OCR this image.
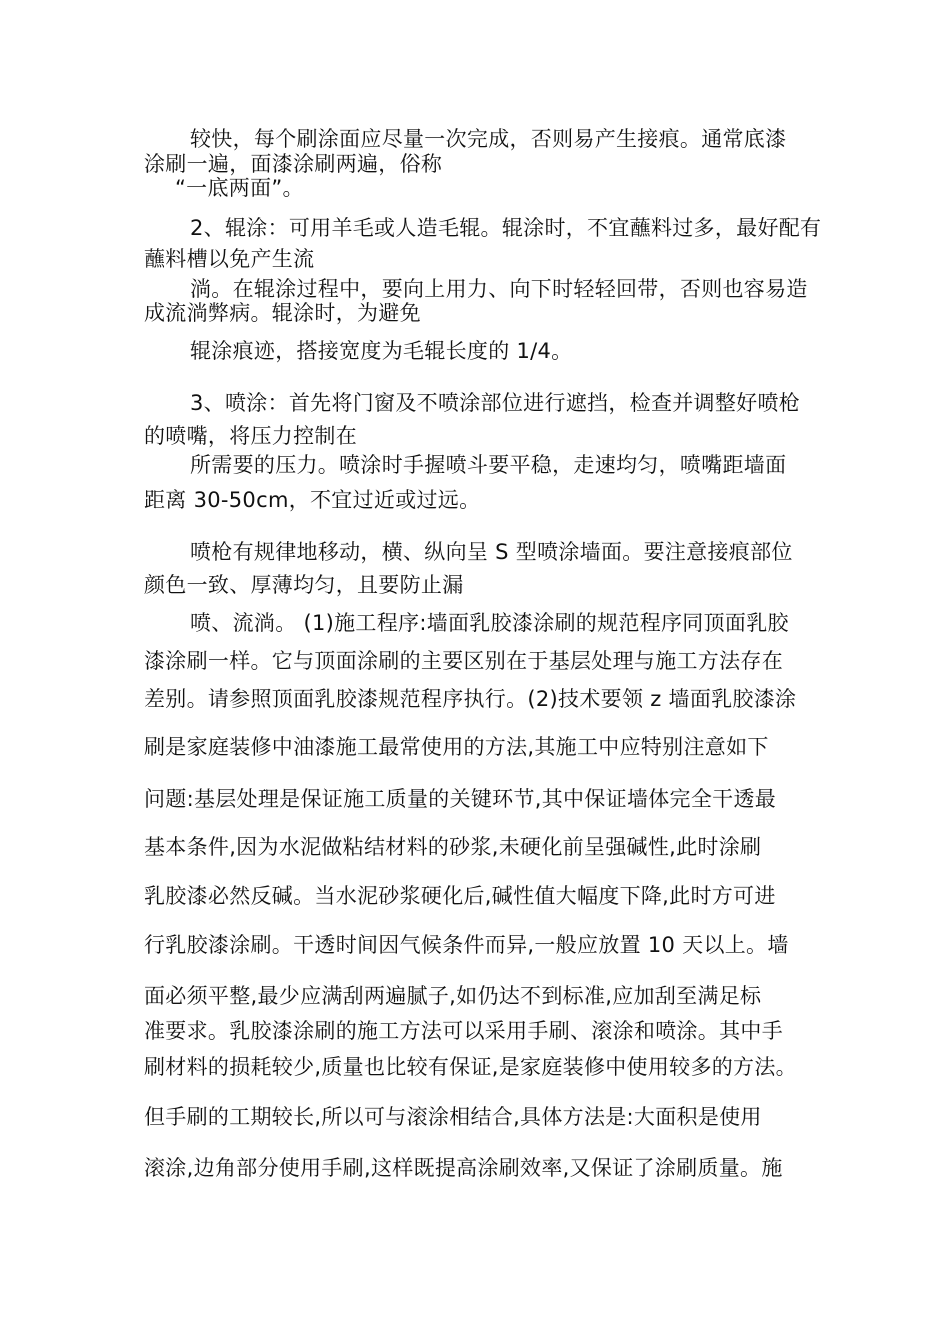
较快，每个刷涂面应尽量一次完成，否则易产生接痕。通常底漆
涂刷一遍，面漆涂刷两遍，俗称
“一底两面”。
2、辊涂：可用羊毛或人造毛辊。辊涂时，不宜蘸料过多，最好配有
蘸料槽以免产生流
淌。在辊涂过程中，要向上用力、向下时轻轻回带，否则也容易造
成流淌弊病。辊涂时，为避免
辊涂痕迹，搭接宽度为毛辊长度的 1/4。
3、喷涂：首先将门窗及不喷涂部位进行遮挡，检查并调整好喷枪
的喷嘴，将压力控制在
所需要的压力。喷涂时手握喷斗要平稳，走速均匀，喷嘴距墙面
距离 30-50cm，不宜过近或过远。
喷枪有规律地移动，横、纵向呈 S 型喷涂墙面。要注意接痕部位
颜色一致、厚薄均匀，且要防止漏
喷、流淌。 (1)施工程序:墙面乳胶漆涂刷的规范程序同顶面乳胶
漆涂刷一样。它与顶面涂刷的主要区别在于基层处理与施工方法存在
差别。请参照顶面乳胶漆规范程序执行。(2)技术要领 z 墙面乳胶漆涂
刷是家庭装修中油漆施工最常使用的方法,其施工中应特别注意如下
问题:基层处理是保证施工质量的关键环节,其中保证墙体完全干透最
基本条件,因为水泥做粘结材料的砂浆,未硬化前呈强碱性,此时涂刷
乳胶漆必然反碱。当水泥砂浆硬化后,碱性值大幅度下降,此时方可进
行乳胶漆涂刷。干透时间因气候条件而异,一般应放置 10 天以上。墙
面必须平整,最少应满刮两遍腻子,如仍达不到标准,应加刮至满足标
准要求。乳胶漆涂刷的施工方法可以采用手刷、滚涂和喷涂。其中手
刷材料的损耗较少,质量也比较有保证,是家庭装修中使用较多的方法。
但手刷的工期较长,所以可与滚涂相结合,具体方法是:大面积是使用
滚涂,边角部分使用手刷,这样既提高涂刷效率,又保证了涂刷质量。施
